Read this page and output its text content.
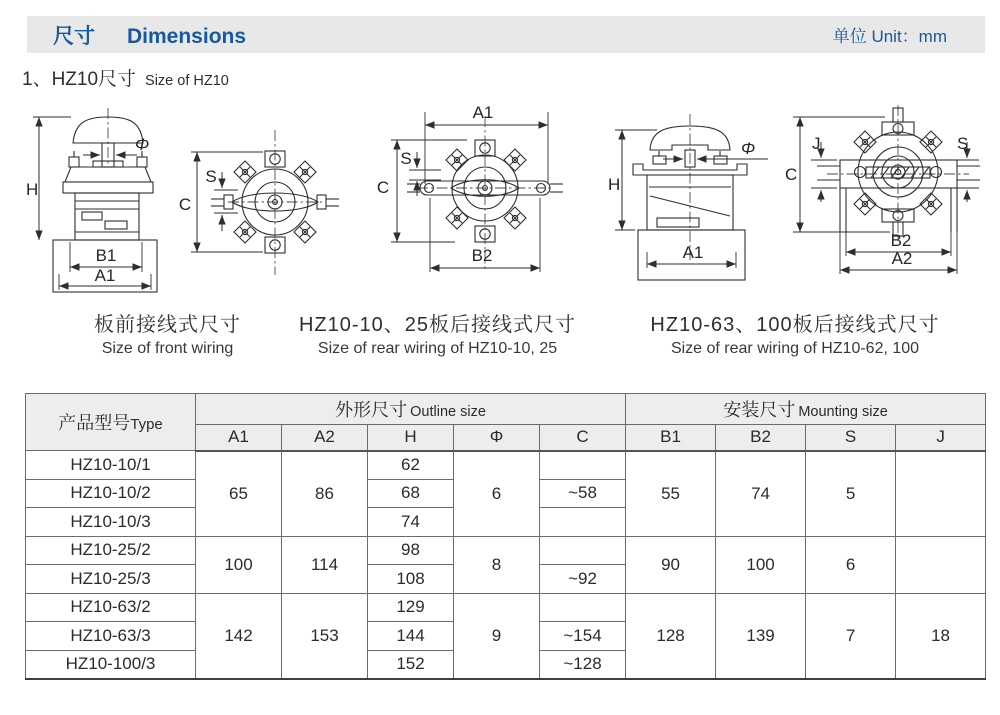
尺寸 Dimensions	单位 Unit：mm
1、HZ10尺寸 Size of HZ10
H
Φ
B1
A1
C
S
A1
C
S
B2
H
Φ
A1
C
J	S
B2
A2
板前接线式尺寸
Size of front wiring
HZ10-10、25板后接线式尺寸
Size of rear wiring of HZ10-10, 25
HZ10-63、100板后接线式尺寸
Size of rear wiring of HZ10-62, 100
产品型号Type	外形尺寸 Outline size					安装尺寸 Mounting size			
	A1	A2	H	Φ	C	B1	B2	S	J
HZ10-10/1	65	86	62	6		55	74	5	
HZ10-10/2			68		~58				
HZ10-10/3			74						
HZ10-25/2	100	114	98	8		90	100	6	
HZ10-25/3			108		~92				
HZ10-63/2	142	153	129	9		128	139	7	18
HZ10-63/3			144		~154				
HZ10-100/3			152		~128				
